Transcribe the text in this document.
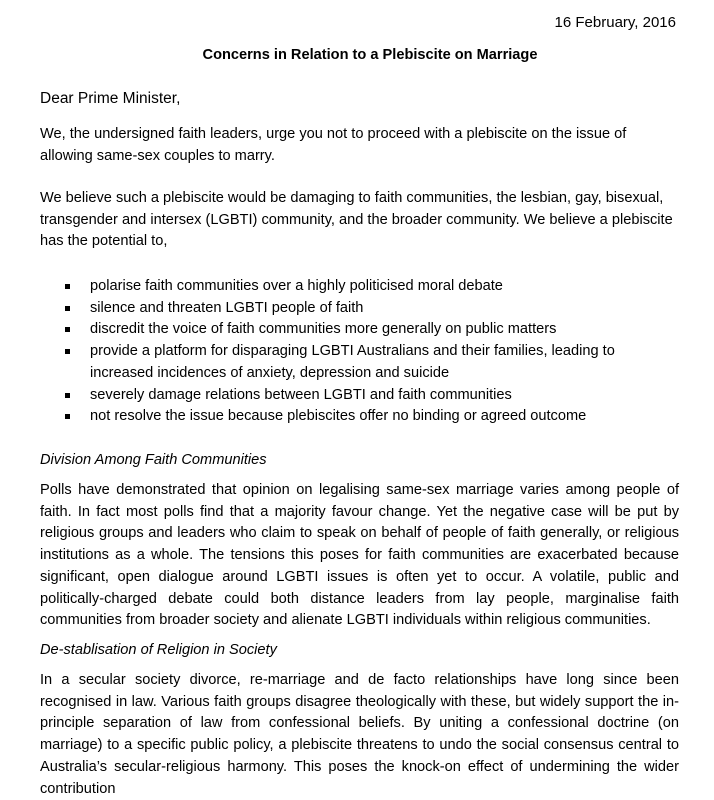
16 February, 2016
Concerns in Relation to a Plebiscite on Marriage
Dear Prime Minister,

We, the undersigned faith leaders, urge you not to proceed with a plebiscite on the issue of allowing same-sex couples to marry.

We believe such a plebiscite would be damaging to faith communities, the lesbian, gay, bisexual, transgender and intersex (LGBTI) community, and the broader community. We believe a plebiscite has the potential to,

polarise faith communities over a highly politicised moral debate
silence and threaten LGBTI people of faith
discredit the voice of faith communities more generally on public matters
provide a platform for disparaging LGBTI Australians and their families, leading to increased incidences of anxiety, depression and suicide
severely damage relations between LGBTI and faith communities
not resolve the issue because plebiscites offer no binding or agreed outcome
Division Among Faith Communities

Polls have demonstrated that opinion on legalising same-sex marriage varies among people of faith. In fact most polls find that a majority favour change. Yet the negative case will be put by religious groups and leaders who claim to speak on behalf of people of faith generally, or religious institutions as a whole. The tensions this poses for faith communities are exacerbated because significant, open dialogue around LGBTI issues is often yet to occur. A volatile, public and politically-charged debate could both distance leaders from lay people, marginalise faith communities from broader society and alienate LGBTI individuals within religious communities.

De-stablisation of Religion in Society

In a secular society divorce, re-marriage and de facto relationships have long since been recognised in law. Various faith groups disagree theologically with these, but widely support the in-principle separation of law from confessional beliefs. By uniting a confessional doctrine (on marriage) to a specific public policy, a plebiscite threatens to undo the social consensus central to Australia’s secular-religious harmony. This poses the knock-on effect of undermining the wider contribution
